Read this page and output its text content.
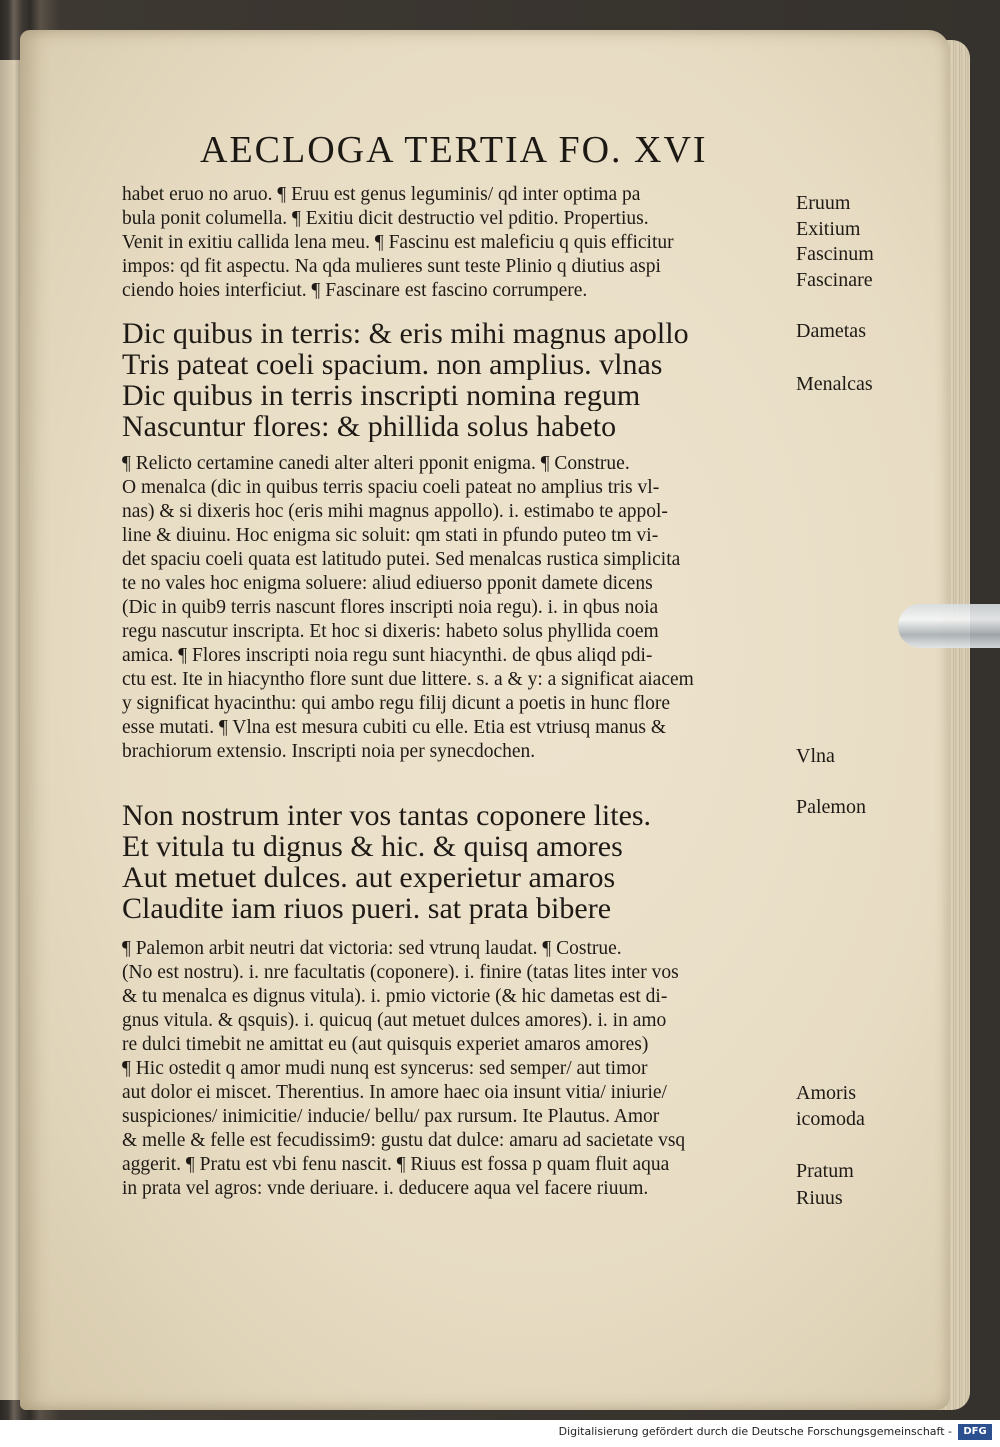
AECLOGA TERTIA FO. XVI
habet eruo no aruo. ¶ Eruu est genus leguminis/ qd inter optima pa
bula ponit columella. ¶ Exitiu dicit destructio vel pditio. Propertius.
Venit in exitiu callida lena meu. ¶ Fascinu est maleficiu q quis efficitur
impos: qd fit aspectu. Na qda mulieres sunt teste Plinio q diutius aspi
ciendo hoies interficiut. ¶ Fascinare est fascino corrumpere.
Dic quibus in terris: & eris mihi magnus apollo
Tris pateat coeli spacium. non amplius. vlnas
Dic quibus in terris inscripti nomina regum
Nascuntur flores: & phillida solus habeto
¶ Relicto certamine canedi alter alteri pponit enigma. ¶ Construe.
O menalca (dic in quibus terris spaciu coeli pateat no amplius tris vl-
nas) & si dixeris hoc (eris mihi magnus appollo). i. estimabo te appol-
line & diuinu. Hoc enigma sic soluit: qm stati in pfundo puteo tm vi-
det spaciu coeli quata est latitudo putei. Sed menalcas rustica simplicita
te no vales hoc enigma soluere: aliud ediuerso pponit damete dicens
(Dic in quib9 terris nascunt flores inscripti noia regu). i. in qbus noia
regu nascutur inscripta. Et hoc si dixeris: habeto solus phyllida coem
amica. ¶ Flores inscripti noia regu sunt hiacynthi. de qbus aliqd pdi-
ctu est. Ite in hiacyntho flore sunt due littere. s. a & y: a significat aiacem
y significat hyacinthu: qui ambo regu filij dicunt a poetis in hunc flore
esse mutati. ¶ Vlna est mesura cubiti cu elle. Etia est vtriusq manus &
brachiorum extensio. Inscripti noia per synecdochen.
Non nostrum inter vos tantas coponere lites.
Et vitula tu dignus & hic. & quisq amores
Aut metuet dulces. aut experietur amaros
Claudite iam riuos pueri. sat prata bibere
¶ Palemon arbit neutri dat victoria: sed vtrunq laudat. ¶ Costrue.
(No est nostru). i. nre facultatis (coponere). i. finire (tatas lites inter vos
& tu menalca es dignus vitula). i. pmio victorie (& hic dametas est di-
gnus vitula. & qsquis). i. quicuq (aut metuet dulces amores). i. in amo
re dulci timebit ne amittat eu (aut quisquis experiet amaros amores)
¶ Hic ostedit q amor mudi nunq est syncerus: sed semper/ aut timor
aut dolor ei miscet. Therentius. In amore haec oia insunt vitia/ iniurie/
suspiciones/ inimicitie/ inducie/ bellu/ pax rursum. Ite Plautus. Amor
& melle & felle est fecudissim9: gustu dat dulce: amaru ad sacietate vsq
aggerit. ¶ Pratu est vbi fenu nascit. ¶ Riuus est fossa p quam fluit aqua
in prata vel agros: vnde deriuare. i. deducere aqua vel facere riuum.
Eruum
Exitium
Fascinum
Fascinare
Dametas
Menalcas
Vlna
Palemon
Amoris
icomoda
Pratum
Riuus
Digitalisierung gefördert durch die Deutsche Forschungsgemeinschaft -	DFG
